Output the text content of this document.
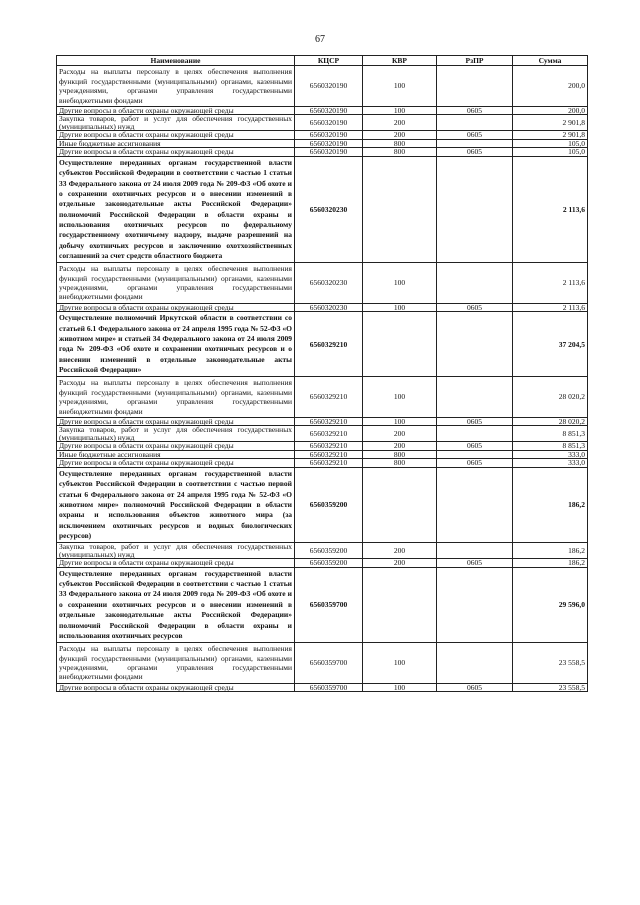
67
Наименование	КЦСР	КВР	РзПР	Сумма
Расходы на выплаты персоналу в целях обеспечения выполнения функций государственными (муниципальными) органами, казенными учреждениями, органами управления государственными внебюджетными фондами	6560320190	100		200,0
Другие вопросы в области охраны окружающей среды	6560320190	100	0605	200,0
Закупка товаров, работ и услуг для обеспечения государственных (муниципальных) нужд	6560320190	200		2 901,8
Другие вопросы в области охраны окружающей среды	6560320190	200	0605	2 901,8
Иные бюджетные ассигнования	6560320190	800		105,0
Другие вопросы в области охраны окружающей среды	6560320190	800	0605	105,0
Осуществление переданных органам государственной власти субъектов Российской Федерации в соответствии с частью 1 статьи 33 Федерального закона от 24 июля 2009 года № 209-ФЗ «Об охоте и о сохранении охотничьих ресурсов и о внесении изменений в отдельные законодательные акты Российской Федерации» полномочий Российской Федерации в области охраны и использования охотничьих ресурсов по федеральному государственному охотничьему надзору, выдаче разрешений на добычу охотничьих ресурсов и заключению охотхозяйственных соглашений за счет средств областного бюджета	6560320230			2 113,6
Расходы на выплаты персоналу в целях обеспечения выполнения функций государственными (муниципальными) органами, казенными учреждениями, органами управления государственными внебюджетными фондами	6560320230	100		2 113,6
Другие вопросы в области охраны окружающей среды	6560320230	100	0605	2 113,6
Осуществление полномочий Иркутской области в соответствии со статьей 6.1 Федерального закона от 24 апреля 1995 года № 52-ФЗ «О животном мире» и статьей 34 Федерального закона от 24 июля 2009 года № 209-ФЗ «Об охоте и сохранении охотничьих ресурсов и о внесении изменений в отдельные законодательные акты Российской Федерации»	6560329210			37 204,5
Расходы на выплаты персоналу в целях обеспечения выполнения функций государственными (муниципальными) органами, казенными учреждениями, органами управления государственными внебюджетными фондами	6560329210	100		28 020,2
Другие вопросы в области охраны окружающей среды	6560329210	100	0605	28 020,2
Закупка товаров, работ и услуг для обеспечения государственных (муниципальных) нужд	6560329210	200		8 851,3
Другие вопросы в области охраны окружающей среды	6560329210	200	0605	8 851,3
Иные бюджетные ассигнования	6560329210	800		333,0
Другие вопросы в области охраны окружающей среды	6560329210	800	0605	333,0
Осуществление переданных органам государственной власти субъектов Российской Федерации в соответствии с частью первой статьи 6 Федерального закона от 24 апреля 1995 года № 52-ФЗ «О животном мире» полномочий Российской Федерации в области охраны и использования объектов животного мира (за исключением охотничьих ресурсов и водных биологических ресурсов)	6560359200			186,2
Закупка товаров, работ и услуг для обеспечения государственных (муниципальных) нужд	6560359200	200		186,2
Другие вопросы в области охраны окружающей среды	6560359200	200	0605	186,2
Осуществление переданных органам государственной власти субъектов Российской Федерации в соответствии с частью 1 статьи 33 Федерального закона от 24 июля 2009 года № 209-ФЗ «Об охоте и о сохранении охотничьих ресурсов и о внесении изменений в отдельные законодательные акты Российской Федерации» полномочий Российской Федерации в области охраны и использования охотничьих ресурсов	6560359700			29 596,0
Расходы на выплаты персоналу в целях обеспечения выполнения функций государственными (муниципальными) органами, казенными учреждениями, органами управления государственными внебюджетными фондами	6560359700	100		23 558,5
Другие вопросы в области охраны окружающей среды	6560359700	100	0605	23 558,5
